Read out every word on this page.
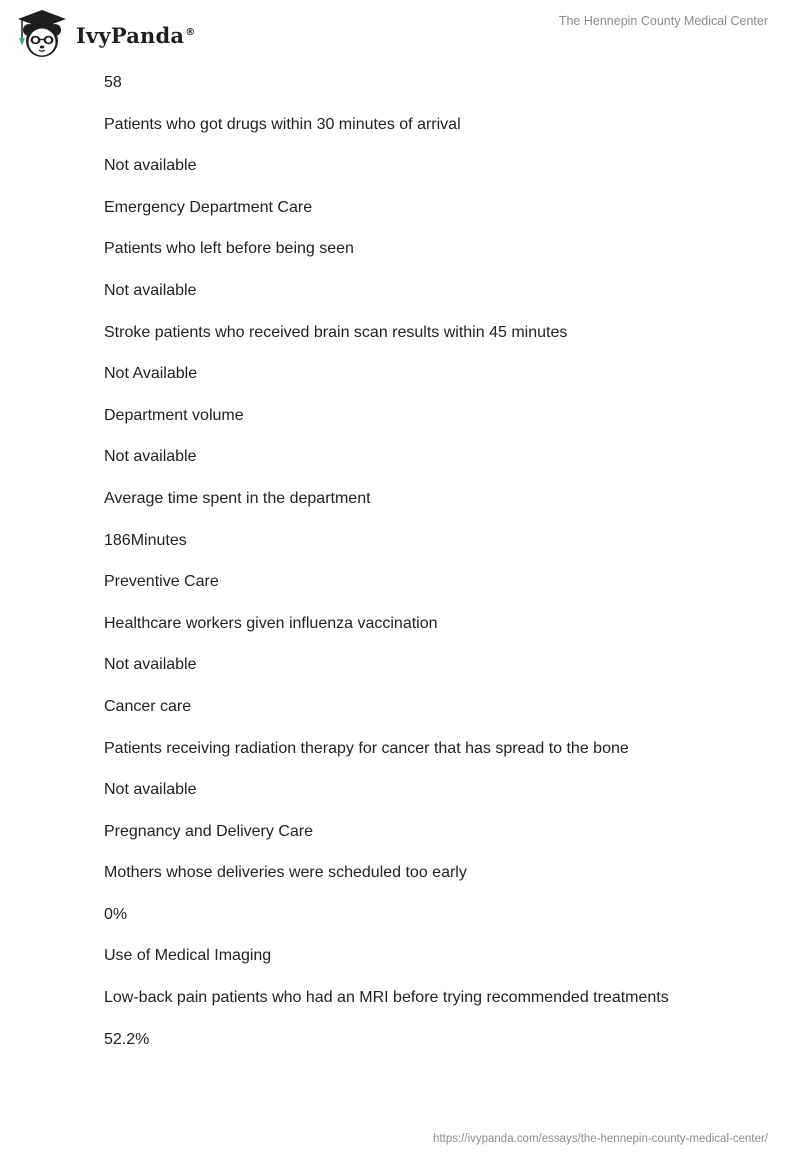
IvyPanda®
The Hennepin County Medical Center
58
Patients who got drugs within 30 minutes of arrival
Not available
Emergency Department Care
Patients who left before being seen
Not available
Stroke patients who received brain scan results within 45 minutes
Not Available
Department volume
Not available
Average time spent in the department
186Minutes
Preventive Care
Healthcare workers given influenza vaccination
Not available
Cancer care
Patients receiving radiation therapy for cancer that has spread to the bone
Not available
Pregnancy and Delivery Care
Mothers whose deliveries were scheduled too early
0%
Use of Medical Imaging
Low-back pain patients who had an MRI before trying recommended treatments
52.2%
https://ivypanda.com/essays/the-hennepin-county-medical-center/
